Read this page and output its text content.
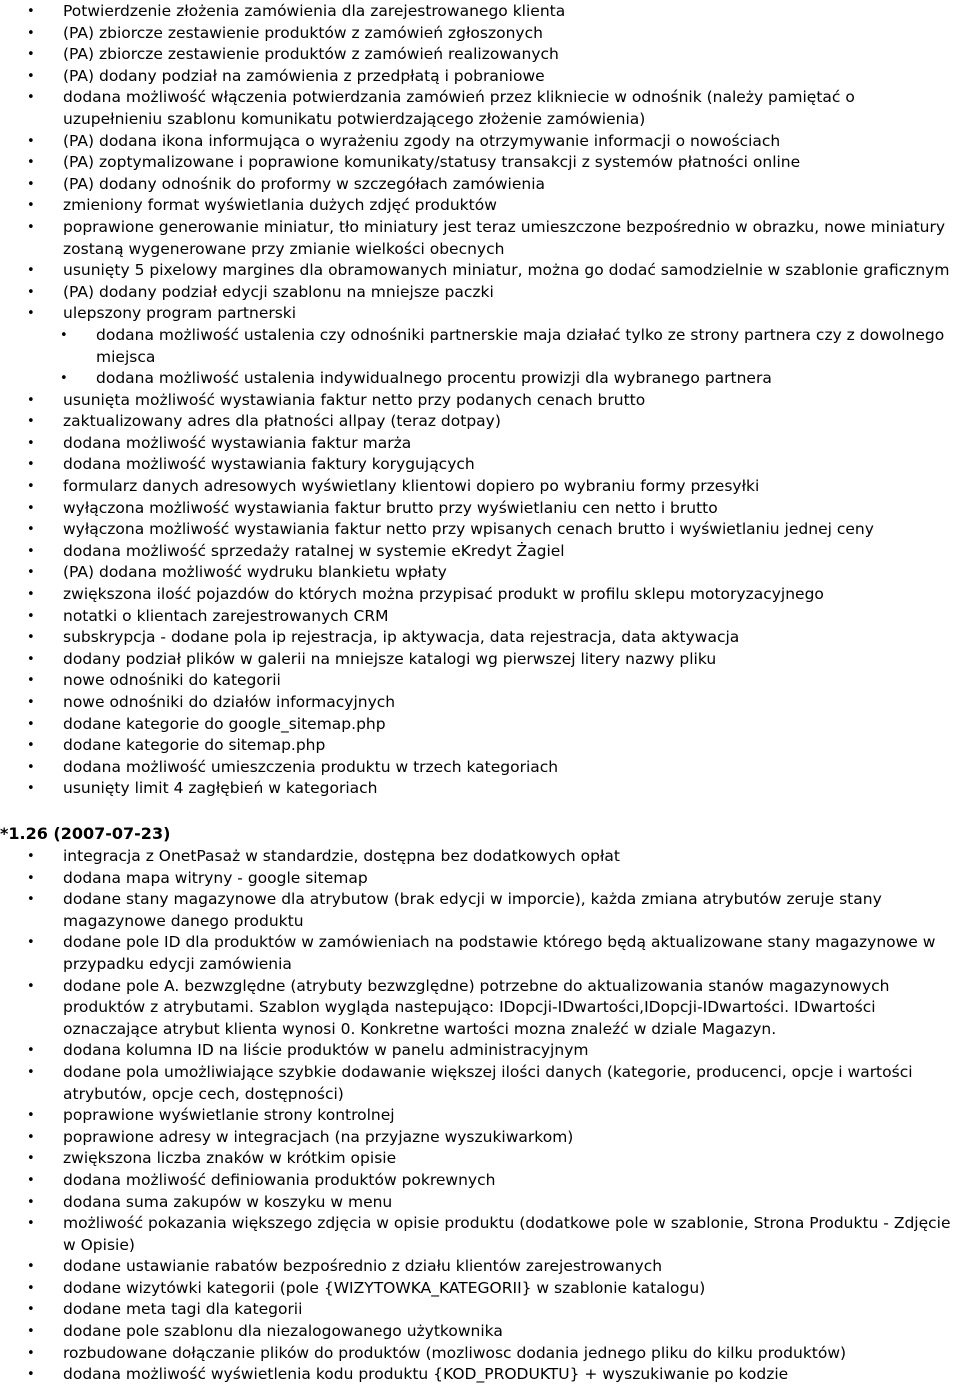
• Potwierdzenie złożenia zamówienia dla zarejestrowanego klienta
• (PA) zbiorcze zestawienie produktów z zamówień zgłoszonych
• (PA) zbiorcze zestawienie produktów z zamówień realizowanych
• (PA) dodany podział na zamówienia z przedpłatą i pobraniowe
• dodana możliwość włączenia potwierdzania zamówień przez klikniecie w odnośnik (należy pamiętać o uzupełnieniu szablonu komunikatu potwierdzającego złożenie zamówienia)
• (PA) dodana ikona informująca o wyrażeniu zgody na otrzymywanie informacji o nowościach
• (PA) zoptymalizowane i poprawione komunikaty/statusy transakcji z systemów płatności online
• (PA) dodany odnośnik do proformy w szczegółach zamówienia
• zmieniony format wyświetlania dużych zdjęć produktów
• poprawione generowanie miniatur, tło miniatury jest teraz umieszczone bezpośrednio w obrazku, nowe miniatury zostaną wygenerowane przy zmianie wielkości obecnych
• usunięty 5 pixelowy margines dla obramowanych miniatur, można go dodać samodzielnie w szablonie graficznym
• (PA) dodany podział edycji szablonu na mniejsze paczki
• ulepszony program partnerski
• dodana możliwość ustalenia czy odnośniki partnerskie maja działać tylko ze strony partnera czy z dowolnego miejsca
• dodana możliwość ustalenia indywidualnego procentu prowizji dla wybranego partnera
• usunięta możliwość wystawiania faktur netto przy podanych cenach brutto
• zaktualizowany adres dla płatności allpay (teraz dotpay)
• dodana możliwość wystawiania faktur marża
• dodana możliwość wystawiania faktury korygujących
• formularz danych adresowych wyświetlany klientowi dopiero po wybraniu formy przesyłki
• wyłączona możliwość wystawiania faktur brutto przy wyświetlaniu cen netto i brutto
• wyłączona możliwość wystawiania faktur netto przy wpisanych cenach brutto i wyświetlaniu jednej ceny
• dodana możliwość sprzedaży ratalnej w systemie eKredyt Żagiel
• (PA) dodana możliwość wydruku blankietu wpłaty
• zwiększona ilość pojazdów do których można przypisać produkt w profilu sklepu motoryzacyjnego
• notatki o klientach zarejestrowanych CRM
• subskrypcja - dodane pola ip rejestracja, ip aktywacja, data rejestracja, data aktywacja
• dodany podział plików w galerii na mniejsze katalogi wg pierwszej litery nazwy pliku
• nowe odnośniki do kategorii
• nowe odnośniki do działów informacyjnych
• dodane kategorie do google_sitemap.php
• dodane kategorie do sitemap.php
• dodana możliwość umieszczenia produktu w trzech kategoriach
• usunięty limit 4 zagłębień w kategoriach
*1.26 (2007-07-23)
• integracja z OnetPasaż w standardzie, dostępna bez dodatkowych opłat
• dodana mapa witryny - google sitemap
• dodane stany magazynowe dla atrybutow (brak edycji w imporcie), każda zmiana atrybutów zeruje stany magazynowe danego produktu
• dodane pole ID dla produktów w zamówieniach na podstawie którego będą aktualizowane stany magazynowe w przypadku edycji zamówienia
• dodane pole A. bezwzględne (atrybuty bezwzględne) potrzebne do aktualizowania stanów magazynowych produktów z atrybutami. Szablon wygląda nastepująco: IDopcji-IDwartości,IDopcji-IDwartości. IDwartości oznaczające atrybut klienta wynosi 0. Konkretne wartości mozna znaleźć w dziale Magazyn.
• dodana kolumna ID na liście produktów w panelu administracyjnym
• dodane pola umożliwiające szybkie dodawanie większej ilości danych (kategorie, producenci, opcje i wartości atrybutów, opcje cech, dostępności)
• poprawione wyświetlanie strony kontrolnej
• poprawione adresy w integracjach (na przyjazne wyszukiwarkom)
• zwiększona liczba znaków w krótkim opisie
• dodana możliwość definiowania produktów pokrewnych
• dodana suma zakupów w koszyku w menu
• możliwość pokazania większego zdjęcia w opisie produktu (dodatkowe pole w szablonie, Strona Produktu - Zdjęcie w Opisie)
• dodane ustawianie rabatów bezpośrednio z działu klientów zarejestrowanych
• dodane wizytówki kategorii (pole {WIZYTOWKA_KATEGORII} w szablonie katalogu)
• dodane meta tagi dla kategorii
• dodane pole szablonu dla niezalogowanego użytkownika
• rozbudowane dołączanie plików do produktów (mozliwosc dodania jednego pliku do kilku produktów)
• dodana możliwość wyświetlenia kodu produktu {KOD_PRODUKTU} + wyszukiwanie po kodzie
